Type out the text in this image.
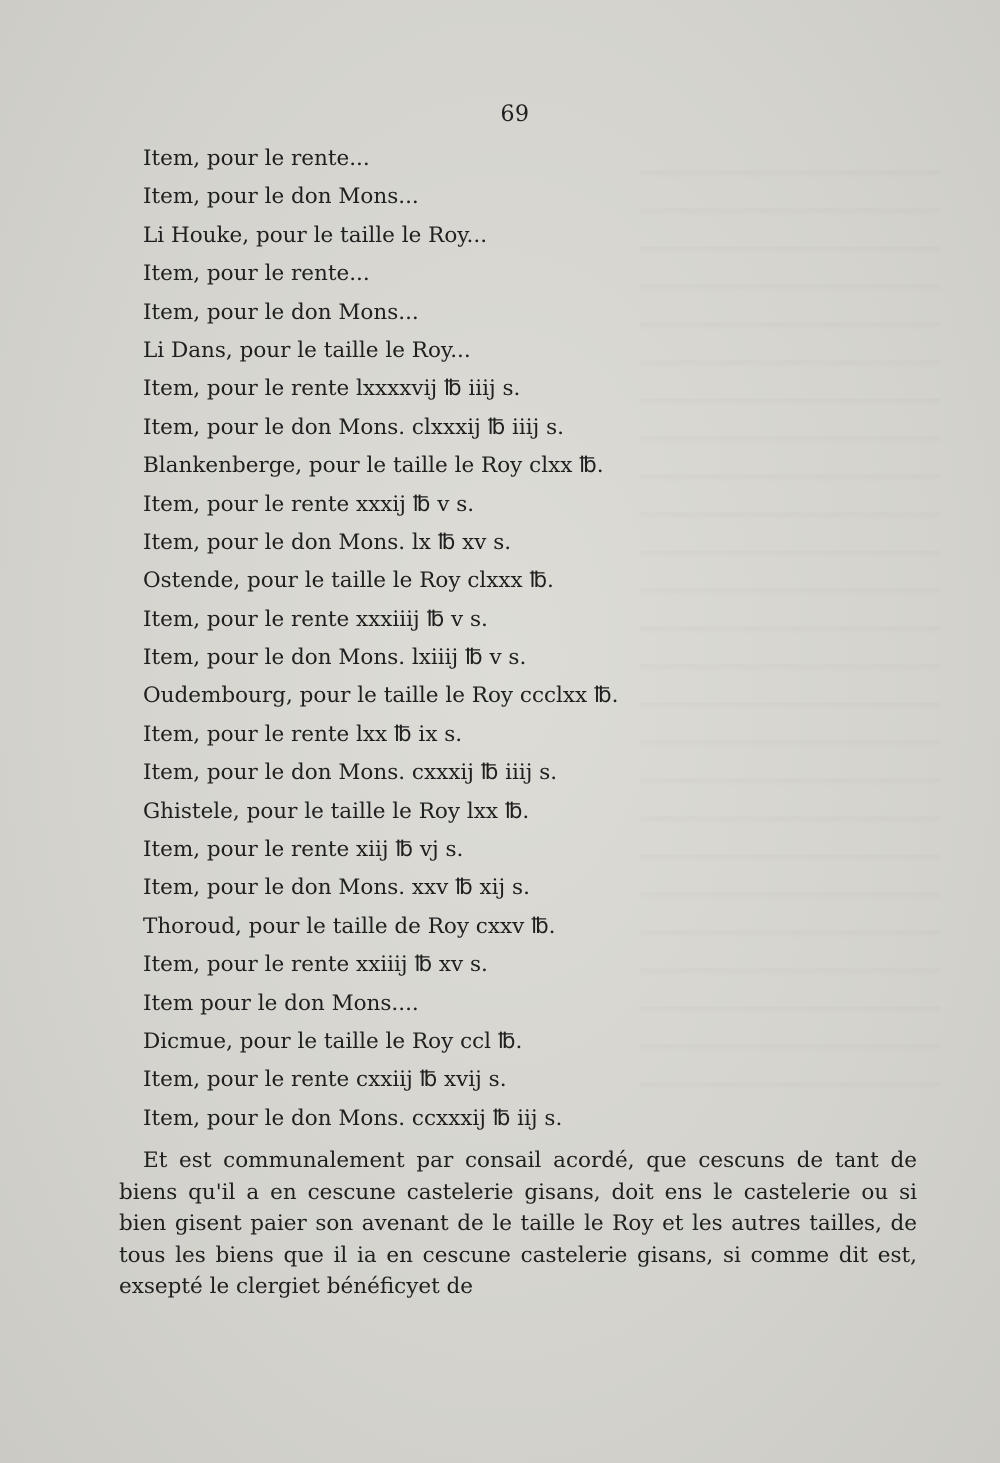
69
Item, pour le rente...
Item, pour le don Mons...
Li Houke, pour le taille le Roy...
Item, pour le rente...
Item, pour le don Mons...
Li Dans, pour le taille le Roy...
Item, pour le rente lxxxxvij ℔ iiij s.
Item, pour le don Mons. clxxxij ℔ iiij s.
Blankenberge, pour le taille le Roy clxx ℔.
Item, pour le rente xxxij ℔ v s.
Item, pour le don Mons. lx ℔ xv s.
Ostende, pour le taille le Roy clxxx ℔.
Item, pour le rente xxxiiij ℔ v s.
Item, pour le don Mons. lxiiij ℔ v s.
Oudembourg, pour le taille le Roy ccclxx ℔.
Item, pour le rente lxx ℔ ix s.
Item, pour le don Mons. cxxxij ℔ iiij s.
Ghistele, pour le taille le Roy lxx ℔.
Item, pour le rente xiij ℔ vj s.
Item, pour le don Mons. xxv ℔ xij s.
Thoroud, pour le taille de Roy cxxv ℔.
Item, pour le rente xxiiij ℔ xv s.
Item pour le don Mons....
Dicmue, pour le taille le Roy ccl ℔.
Item, pour le rente cxxiij ℔ xvij s.
Item, pour le don Mons. ccxxxij ℔ iij s.

Et est communalement par consail acordé, que cescuns de tant de biens qu'il a en cescune castelerie gisans, doit ens le castelerie ou si bien gisent paier son avenant de le taille le Roy et les autres tailles, de tous les biens que il ia en cescune castelerie gisans, si comme dit est, exsepté le clergiet bénéficyet de
